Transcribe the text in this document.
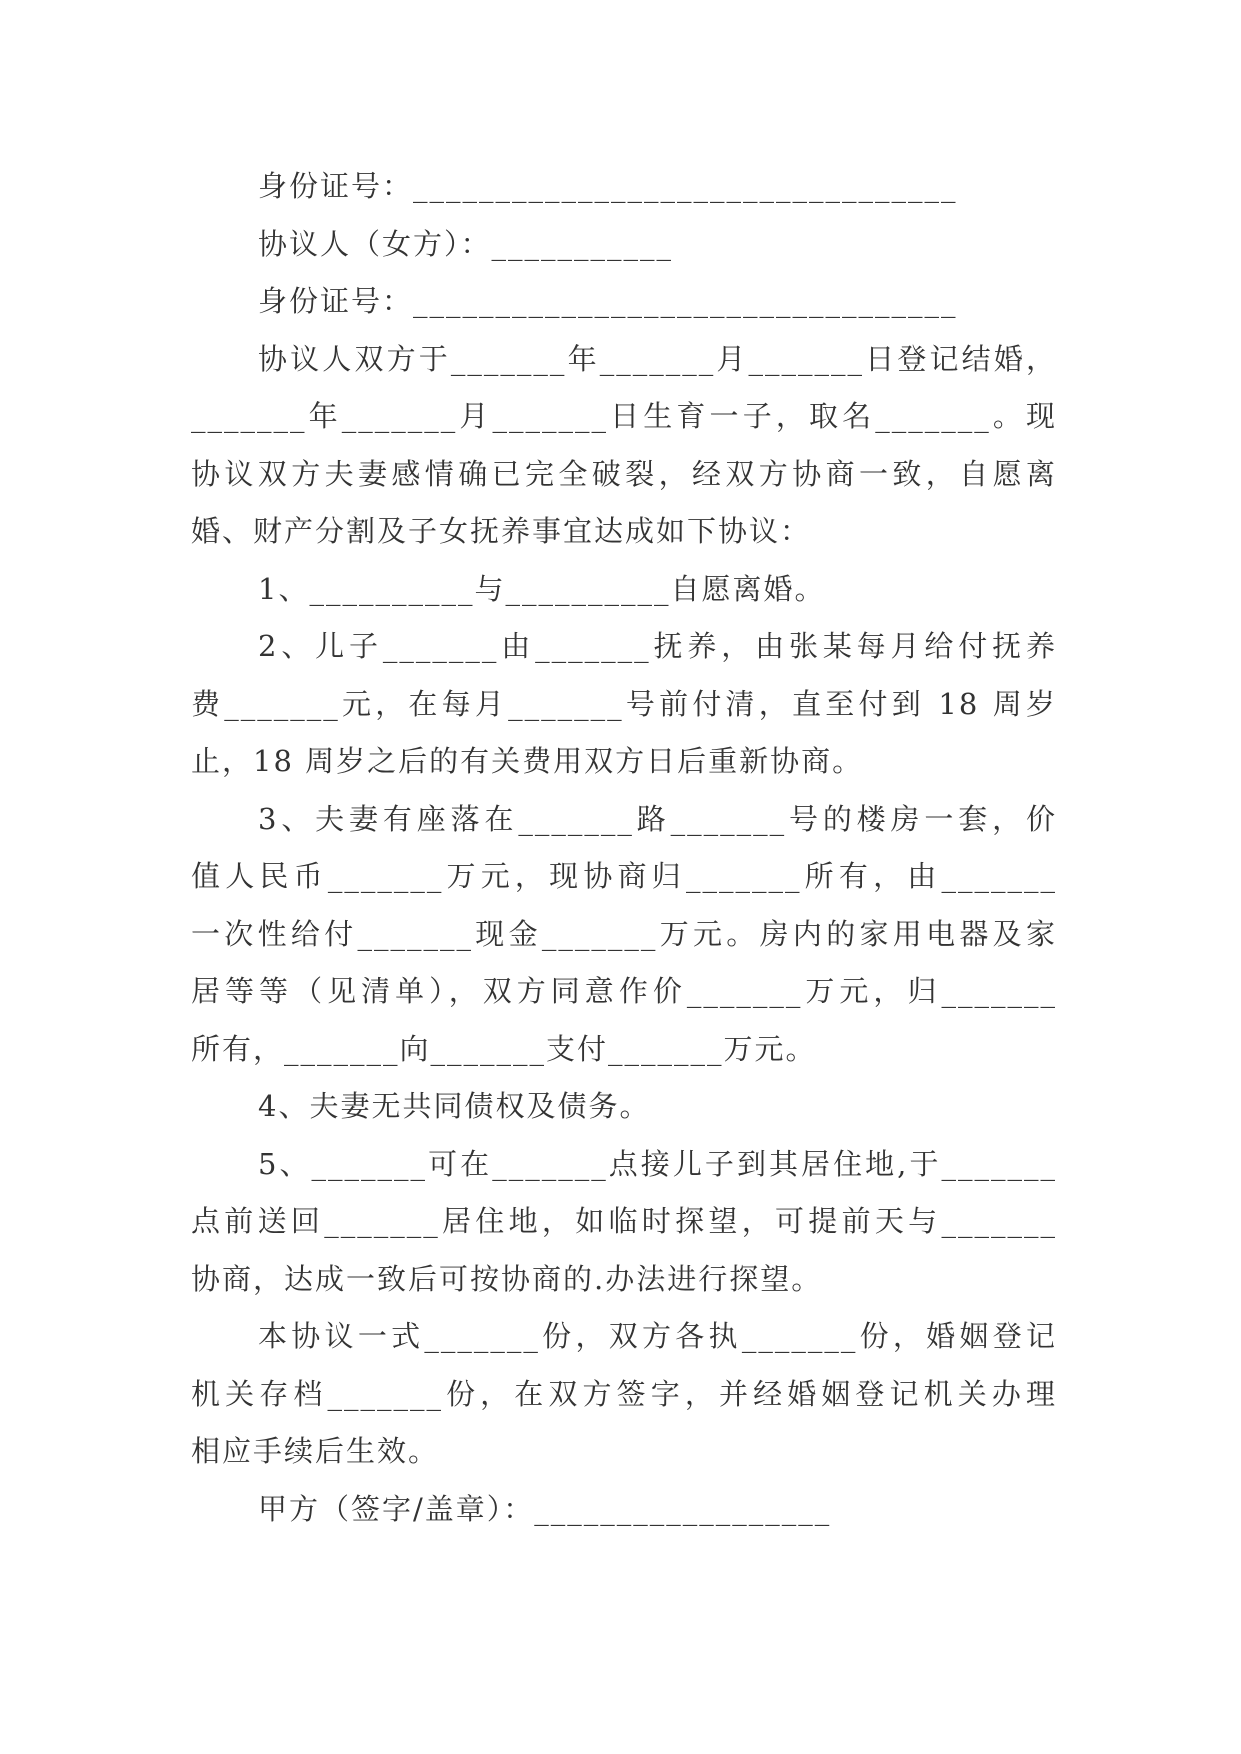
身份证号：_________________________________
协议人（女方）：___________
身份证号：_________________________________
协议人双方于_______年_______月_______日登记结婚，
_______年_______月_______日生育一子，取名_______。现
协议双方夫妻感情确已完全破裂，经双方协商一致，自愿离
婚、财产分割及子女抚养事宜达成如下协议：
1、__________与__________自愿离婚。
2、儿子_______由_______抚养，由张某每月给付抚养
费_______元，在每月_______号前付清，直至付到 18 周岁
止，18 周岁之后的有关费用双方日后重新协商。
3、夫妻有座落在_______路_______号的楼房一套，价
值人民币_______万元，现协商归_______所有，由_______
一次性给付_______现金_______万元。房内的家用电器及家
居等等（见清单），双方同意作价_______万元，归_______
所有，_______向_______支付_______万元。
4、夫妻无共同债权及债务。
5、_______可在_______点接儿子到其居住地,于_______
点前送回_______居住地，如临时探望，可提前天与_______
协商，达成一致后可按协商的.办法进行探望。
本协议一式_______份，双方各执_______份，婚姻登记
机关存档_______份，在双方签字，并经婚姻登记机关办理
相应手续后生效。
甲方（签字/盖章）：__________________
